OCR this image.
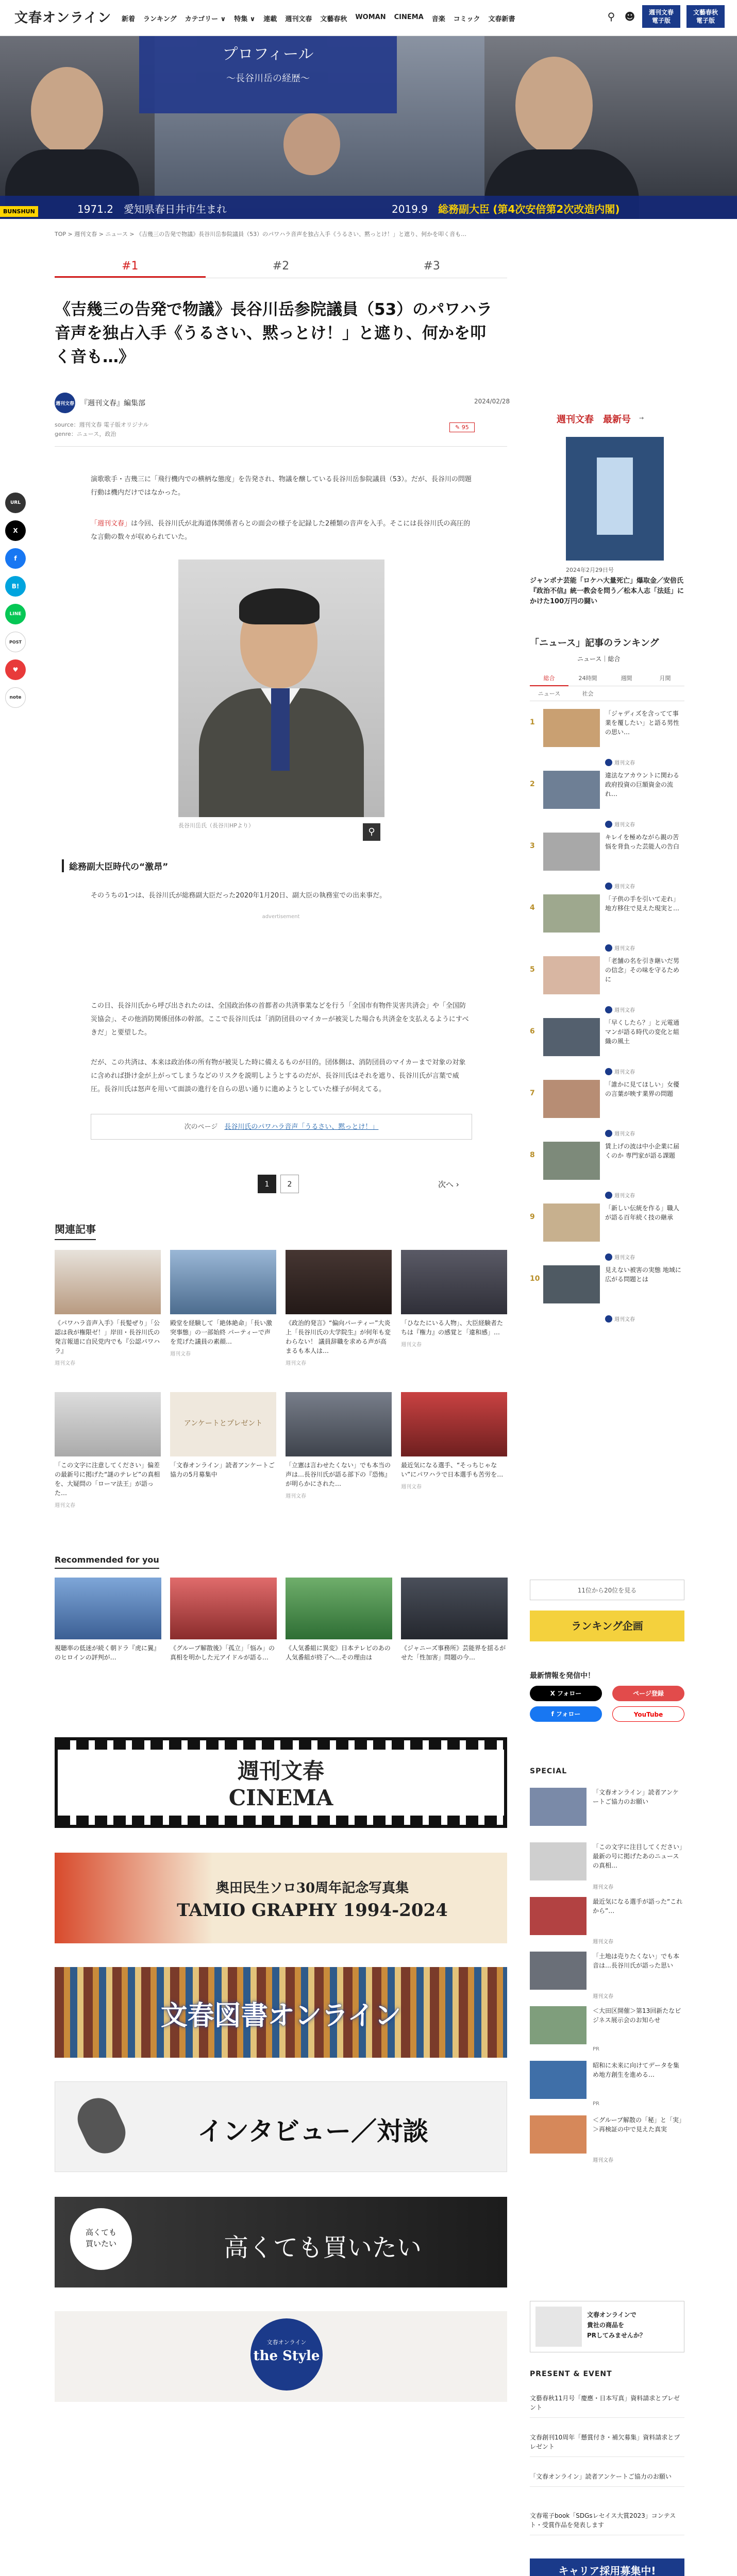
文春オンライン 新着 ランキング カテゴリー ∨ 特集 ∨ 連載 週刊文春 文藝春秋 WOMAN CINEMA 音楽 コミック 文春新書	⚲ ☻	週刊文春
電子版
文藝春秋
電子版
プロフィール
〜長谷川岳の経歴〜
1971.2　愛知県春日井市生まれ	2019.9　 総務副大臣 (第4次安倍第2次改造内閣)
BUNSHUN
TOP > 週刊文春 > ニュース > 《吉幾三の告発で物議》長谷川岳参院議員（53）のパワハラ音声を独占入手《うるさい、黙っとけ！」と遮り、何かを叩く音も…
#1	#2	#3
URL
X
f
B!
LINE
POST
♥
note
《吉幾三の告発で物議》長谷川岳参院議員（53）のパワハラ音声を独占入手《うるさい、黙っとけ！」と遮り、何かを叩く音も…》
週刊文春 『週刊文春』編集部	2024/02/28
source：週刊文春 電子版オリジナル
genre：ニュース，政治
✎ 95
演歌歌手・吉幾三に「飛行機内での横柄な態度」を告発され、物議を醸している長谷川岳参院議員（53）。だが、長谷川の問題行動は機内だけではなかった。
「週刊文春」は今回、長谷川氏が北海道体関係者らとの面会の様子を記録した2種類の音声を入手。そこには長谷川氏の高圧的な言動の数々が収められていた。
長谷川岳氏（長谷川HPより）
⚲
総務副大臣時代の“激昂”
そのうちの1つは、長谷川氏が総務副大臣だった2020年1月20日、副大臣の執務室での出来事だ。
advertisement
この日、長谷川氏から呼び出されたのは、全国政治体の首都者の共済事業などを行う「全国市有物件災害共済会」や「全国防災協会」、その他消防関係団体の幹部。ここで長谷川氏は「消防団員のマイカーが被災した場合も共済金を支払えるようにすべきだ」と要望した。
だが、この共済は、本来は政治体の所有物が被災した時に備えるものが目的。団体側は、消防団員のマイカーまで対象の対象に含めれば掛け金が上がってしまうなどのリスクを説明しようとするのだが、長谷川氏はそれを遮り、長谷川氏が言葉で威圧。長谷川氏は怒声を用いて面談の進行を自らの思い通りに進めようとしていた様子が伺えてる。
次のページ　 長谷川氏のパワハラ音声「うるさい、黙っとけ！」
1	2	次へ ›
関連記事
《パワハラ音声入手》「長髪ぜり」「公認は我が権限ゼ！」岸田・長谷川氏の発言報道に自民党内でも『公認パワハラ』
週刊文春
殿堂を経験して「絶体絶命」「長い激突事態」の一部始終 パーティーで声を荒げた議員の素顔…
週刊文春
《政治的発言》“偏向パーティー”大炎上「長谷川氏の大学院生』が何年も変わらない！ 議員辞職を求める声が高まるも本人は…
週刊文春
「ひなたにいる人物」、大臣経験者たちは『権力』の感覚と「違和感」…
週刊文春
「この文字に注意してください」偏差の最新号に掲げた“謎のテレビ”の真相を、大疑問の「ローマ法王」が語った…
週刊文春
アンケートとプレゼント
「文春オンライン」読者アンケートご協力の5月募集中
「立憲は言わせたくない」でも本当の声は…長谷川氏が語る部下の『恐怖』が明らかにされた…
週刊文春
最近気になる選手、“そっちじゃない”にパワハラで日本選手も苦労を…
週刊文春
Recommended for you
視聴率の低迷が続く朝ドラ『虎に翼』のヒロインの評判が…
《グループ解散後》「孤立」「悩み」の真相を明かした元アイドルが語る…
《人気番組に異変》日本テレビのあの人気番組が終了へ…その理由は
《ジャニーズ事務所》芸能界を揺るがせた「性加害」問題の今…
週刊文春
CINEMA
奥田民生ソロ30周年記念写真集
TAMIO GRAPHY 1994-2024
文春図書オンライン
インタビュー／対談
高くても
買いたい	高くても買いたい
文春オンライン
the Style
週刊文春　最新号 →
2024年2月29日号
ジャンポナ芸能「ロケハ大量死亡」爆取金／安倍氏『政治不信』統一教会を問う／松本人志「法廷」にかけた100万円の闘い
「ニュース」記事のランキング
ニュース｜総合
総合	24時間	週間	月間
ニュース	社会
1
「ジャディズを含ってて事業を覆したい」と語る男性の思い…
週刊文春
2
違法なアカウントに関わる政府投資の巨額資金の流れ…
週刊文春
3
キレイを極めながら親の苦悩を背負った芸能人の告白
週刊文春
4
「子供の手を引いて走れ」地方移住で見えた現実と…
週刊文春
5
「老舗の名を引き継いだ男の信念」その味を守るために
週刊文春
6
「早くしたら？」と元電通マンが語る時代の変化と組織の風土
週刊文春
7
「誰かに見てほしい」女優の言葉が映す業界の問題
週刊文春
8
賃上げの波は中小企業に届くのか 専門家が語る課題
週刊文春
9
「新しい伝統を作る」職人が語る百年続く技の継承
週刊文春
10
見えない被害の実態 地域に広がる問題とは
週刊文春
11位から20位を見る
ランキング企画
最新情報を発信中！
X フォロー	ページ登録
f フォロー	YouTube
SPECIAL
「文春オンライン」読者アンケートご協力のお願い
「この文字に注目してください」最新の号に掲げたあのニュースの真相…
週刊文春
最近気になる選手が語った“これから”…
週刊文春
「土地は売りたくない」でも本音は…長谷川氏が語った思い
週刊文春
＜大田区開催＞第13回新たなビジネス展示会のお知らせ
PR
昭和に未来に向けてデータを集め地方創生を進める…
PR
＜グループ解散の「秘」と「実」＞再検証の中で見えた真実
週刊文春
文春オンラインで
貴社の商品を
PRしてみませんか？
PRESENT & EVENT
文藝春秋11月号「慶應・日本写真」資料請求とプレゼント
文春創刊10周年「懸賞付き・補欠募集」資料請求とプレゼント
「文春オンライン」読者アンケートご協力のお願い
文春電子book「SDGsレセイス大賞2023」コンテスト・受賞作品を発表します
キャリア採用募集中!
